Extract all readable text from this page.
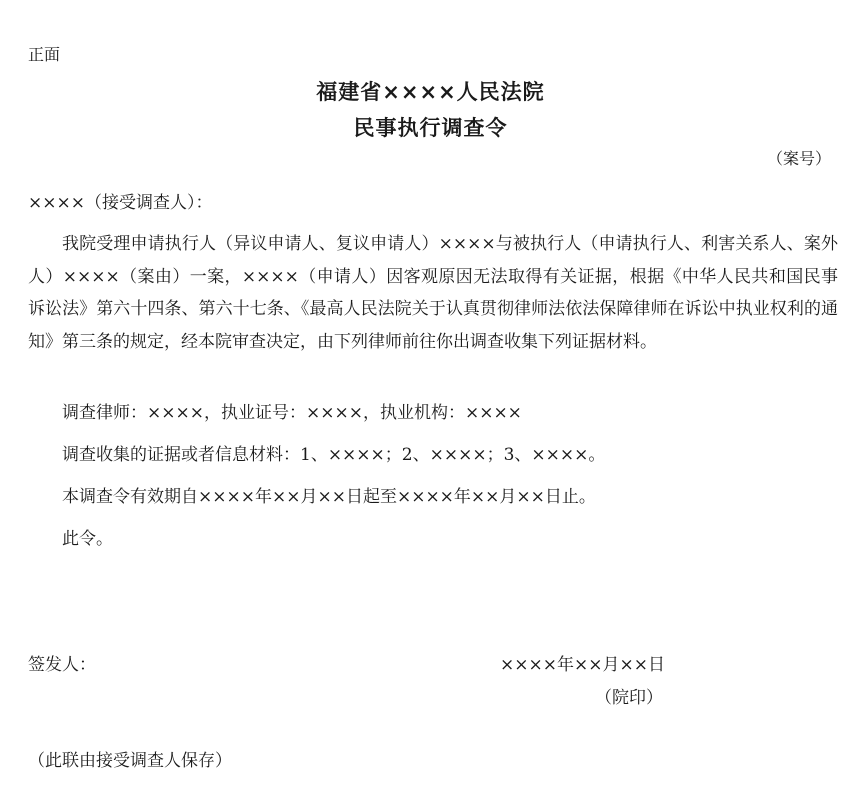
正面
福建省××××人民法院
民事执行调查令
（案号）
××××（接受调查人）：
我院受理申请执行人（异议申请人、复议申请人）××××与被执行人（申请执行人、利害关系人、案外人）××××（案由）一案，××××（申请人）因客观原因无法取得有关证据，根据《中华人民共和国民事诉讼法》第六十四条、第六十七条、《最高人民法院关于认真贯彻律师法依法保障律师在诉讼中执业权利的通知》第三条的规定，经本院审查决定，由下列律师前往你出调查收集下列证据材料。
调查律师：××××，执业证号：××××，执业机构：××××
调查收集的证据或者信息材料：1、××××；2、××××；3、××××。
本调查令有效期自××××年××月××日起至××××年××月××日止。
此令。
签发人：	××××年××月××日
（院印）
（此联由接受调查人保存）
